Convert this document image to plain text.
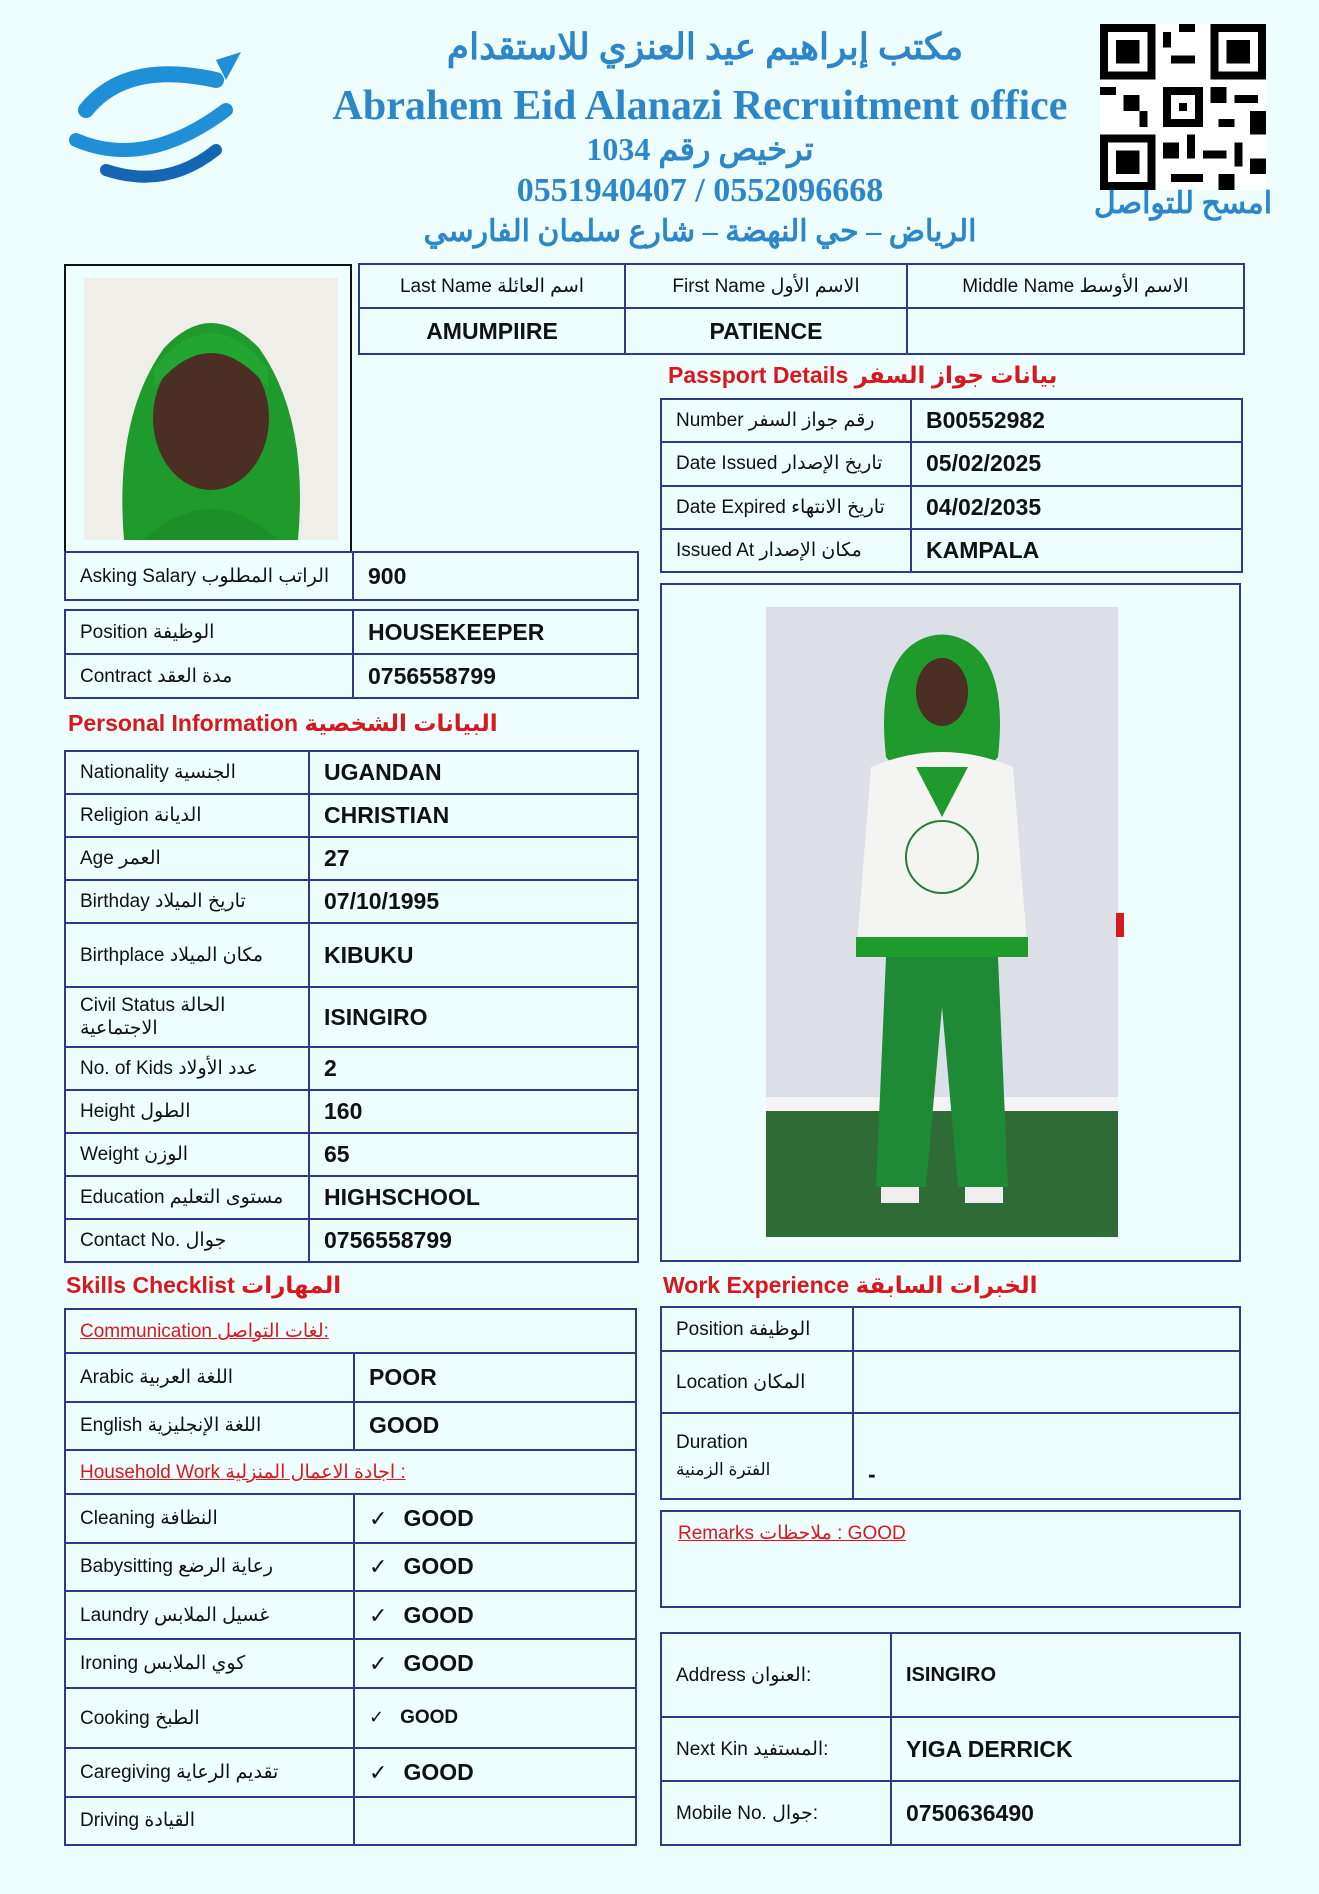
مكتب إبراهيم عيد العنزي للاستقدام
Abrahem Eid Alanazi Recruitment office
ترخيص رقم 1034
0551940407 / 0552096668
الرياض – حي النهضة – شارع سلمان الفارسي
امسح للتواصل
Last Name اسم العائلة	First Name الاسم الأول	Middle Name الاسم الأوسط
AMUMPIIRE	PATIENCE	
Passport Details بيانات جواز السفر
Number رقم جواز السفر	B00552982
Date Issued تاريخ الإصدار	05/02/2025
Date Expired تاريخ الانتهاء	04/02/2035
Issued At مكان الإصدار	KAMPALA
Asking Salary الراتب المطلوب	900
Position الوظيفة	HOUSEKEEPER
Contract مدة العقد	0756558799
Personal Information البيانات الشخصية
Nationality الجنسية	UGANDAN
Religion الديانة	CHRISTIAN
Age العمر	27
Birthday تاريخ الميلاد	07/10/1995
Birthplace مكان الميلاد	KIBUKU
Civil Status الحالة الاجتماعية	ISINGIRO
No. of Kids عدد الأولاد	2
Height الطول	160
Weight الوزن	65
Education مستوى التعليم	HIGHSCHOOL
Contact No. جوال	0756558799
Skills Checklist المهارات
Communication لغات التواصل:	
Arabic اللغة العربية	POOR
English اللغة الإنجليزية	GOOD
Household Work اجادة الاعمال المنزلية :	
Cleaning النظافة	✓ GOOD
Babysitting رعاية الرضع	✓ GOOD
Laundry غسيل الملابس	✓ GOOD
Ironing كوي الملابس	✓ GOOD
Cooking الطبخ	✓ GOOD
Caregiving تقديم الرعاية	✓ GOOD
Driving القيادة	
Work Experience الخبرات السابقة
Position الوظيفة	
Location المكان	

Duration
الفترة الزمنية	-
Remarks ملاحظات : GOOD
Address العنوان:	ISINGIRO
Next Kin المستفيد:	YIGA DERRICK
Mobile No. جوال:	0750636490
